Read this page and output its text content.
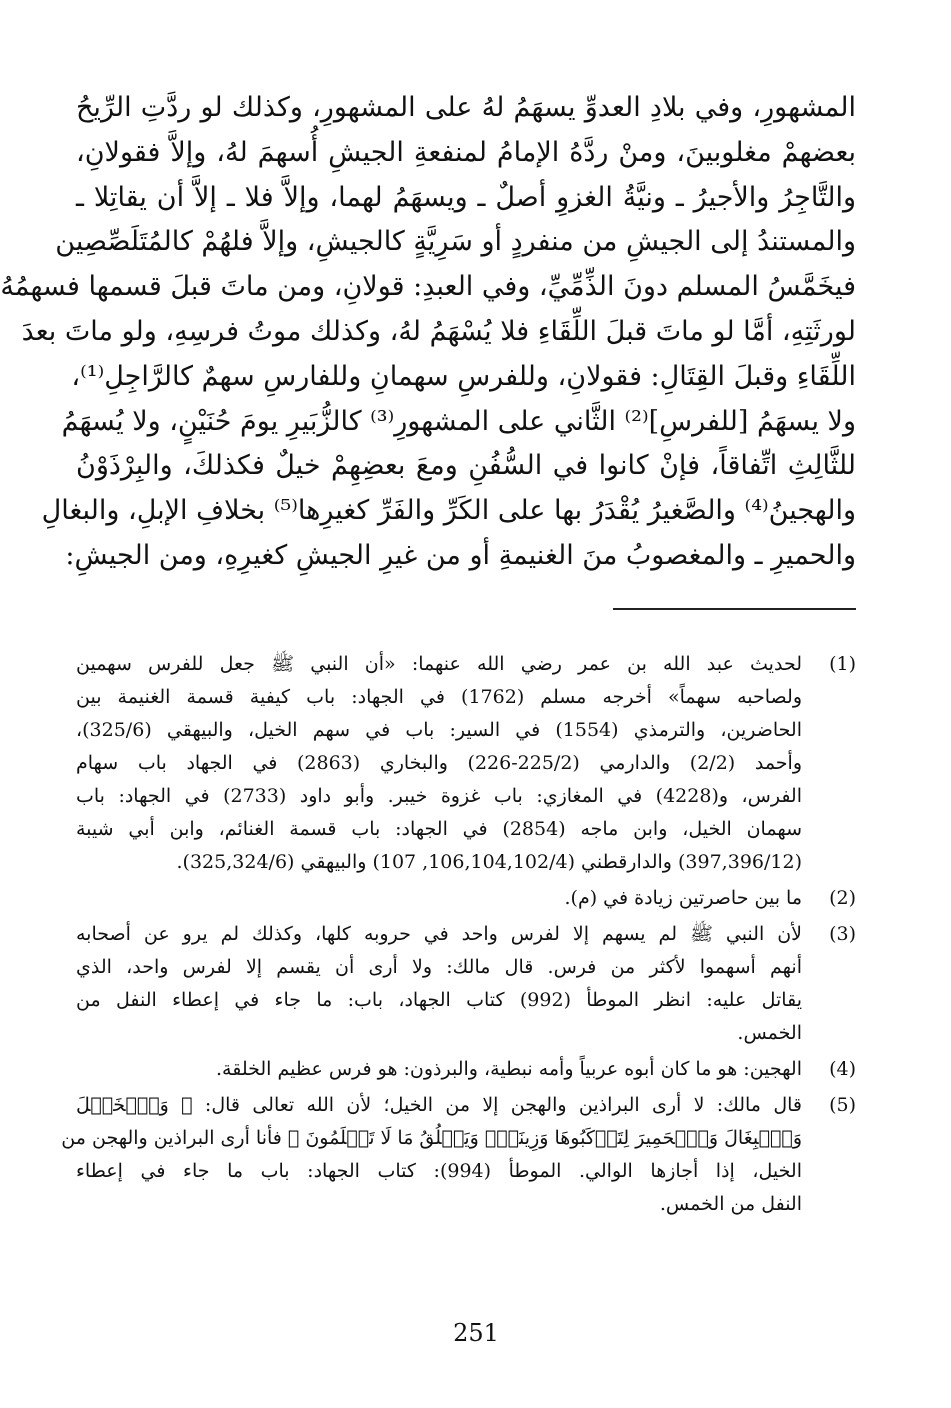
المشهورِ، وفي بلادِ العدوِّ يسهَمُ لهُ على المشهورِ، وكذلك لو ردَّتِ الرِّيحُ
بعضهمْ مغلوبينَ، ومنْ ردَّهُ الإمامُ لمنفعةِ الجيشِ أُسهمَ لهُ، وإلاَّ فقولانِ،
والتَّاجِرُ والأجيرُ ـ ونيَّةُ الغزوِ أصلٌ ـ ويسهَمُ لهما، وإلاَّ فلا ـ إلاَّ أن يقاتِلا ـ
والمستندُ إلى الجيشِ من منفردٍ أو سَرِيَّةٍ كالجيشِ، وإلاَّ فلهُمْ كالمُتَلَصِّصِين
فيخَمَّسُ المسلم دونَ الذِّمِّيِّ، وفي العبدِ: قولانِ، ومن ماتَ قبلَ قسمها فسهمُهُ
لورثَتِهِ، أمَّا لو ماتَ قبلَ اللِّقَاءِ فلا يُسْهَمُ لهُ، وكذلك موتُ فرسِهِ، ولو ماتَ بعدَ
اللِّقَاءِ وقبلَ القِتَالِ: فقولانِ، وللفرسِ سهمانِ وللفارسِ سهمٌ كالرَّاجِلِ⁽¹⁾،
ولا يسهَمُ [للفرسِ]⁽²⁾ الثَّاني على المشهورِ⁽³⁾ كالزُّبَيرِ يومَ حُنَيْنٍ، ولا يُسهَمُ
للثَّالِثِ اتِّفاقاً، فإنْ كانوا في السُّفُنِ ومعَ بعضِهِمْ خيلٌ فكذلكَ، والبِرْذَوْنُ
والهجينُ⁽⁴⁾ والصَّغيرُ يُقْدَرُ بها على الكَرِّ والفَرِّ كغيرِها⁽⁵⁾ بخلافِ الإبلِ، والبغالِ
والحميرِ ـ والمغصوبُ منَ الغنيمةِ أو من غيرِ الجيشِ كغيرِهِ، ومن الجيشِ:
(1)
لحديث عبد الله بن عمر رضي الله عنهما: «أن النبي ﷺ جعل للفرس سهمين
ولصاحبه سهماً» أخرجه مسلم (1762) في الجهاد: باب كيفية قسمة الغنيمة بين
الحاضرين، والترمذي (1554) في السير: باب في سهم الخيل، والبيهقي (325/6)،
وأحمد (2/2) والدارمي (225/2-226) والبخاري (2863) في الجهاد باب سهام
الفرس، و(4228) في المغازي: باب غزوة خيبر. وأبو داود (2733) في الجهاد: باب
سهمان الخيل، وابن ماجه (2854) في الجهاد: باب قسمة الغنائم، وابن أبي شيبة
(397,396/12) والدارقطني (106,104,102/4, 107) والبيهقي (325,324/6).
(2)
ما بين حاصرتين زيادة في (م).
(3)
لأن النبي ﷺ لم يسهم إلا لفرس واحد في حروبه كلها، وكذلك لم يرو عن أصحابه
أنهم أسهموا لأكثر من فرس. قال مالك: ولا أرى أن يقسم إلا لفرس واحد، الذي
يقاتل عليه: انظر الموطأ (992) كتاب الجهاد، باب: ما جاء في إعطاء النفل من
الخمس.
(4)
الهجين: هو ما كان أبوه عربياً وأمه نبطية، والبرذون: هو فرس عظيم الخلقة.
(5)
قال مالك: لا أرى البراذين والهجن إلا من الخيل؛ لأن الله تعالى قال: ﴿ وَٱلۡخَيۡلَ
وَٱلۡبِغَالَ وَٱلۡحَمِيرَ لِتَرۡكَبُوهَا وَزِينَةٗۚ وَيَخۡلُقُ مَا لَا تَعۡلَمُونَ ﴾ فأنا أرى البراذين والهجن من
الخيل، إذا أجازها الوالي. الموطأ (994): كتاب الجهاد: باب ما جاء في إعطاء
النفل من الخمس.
251
